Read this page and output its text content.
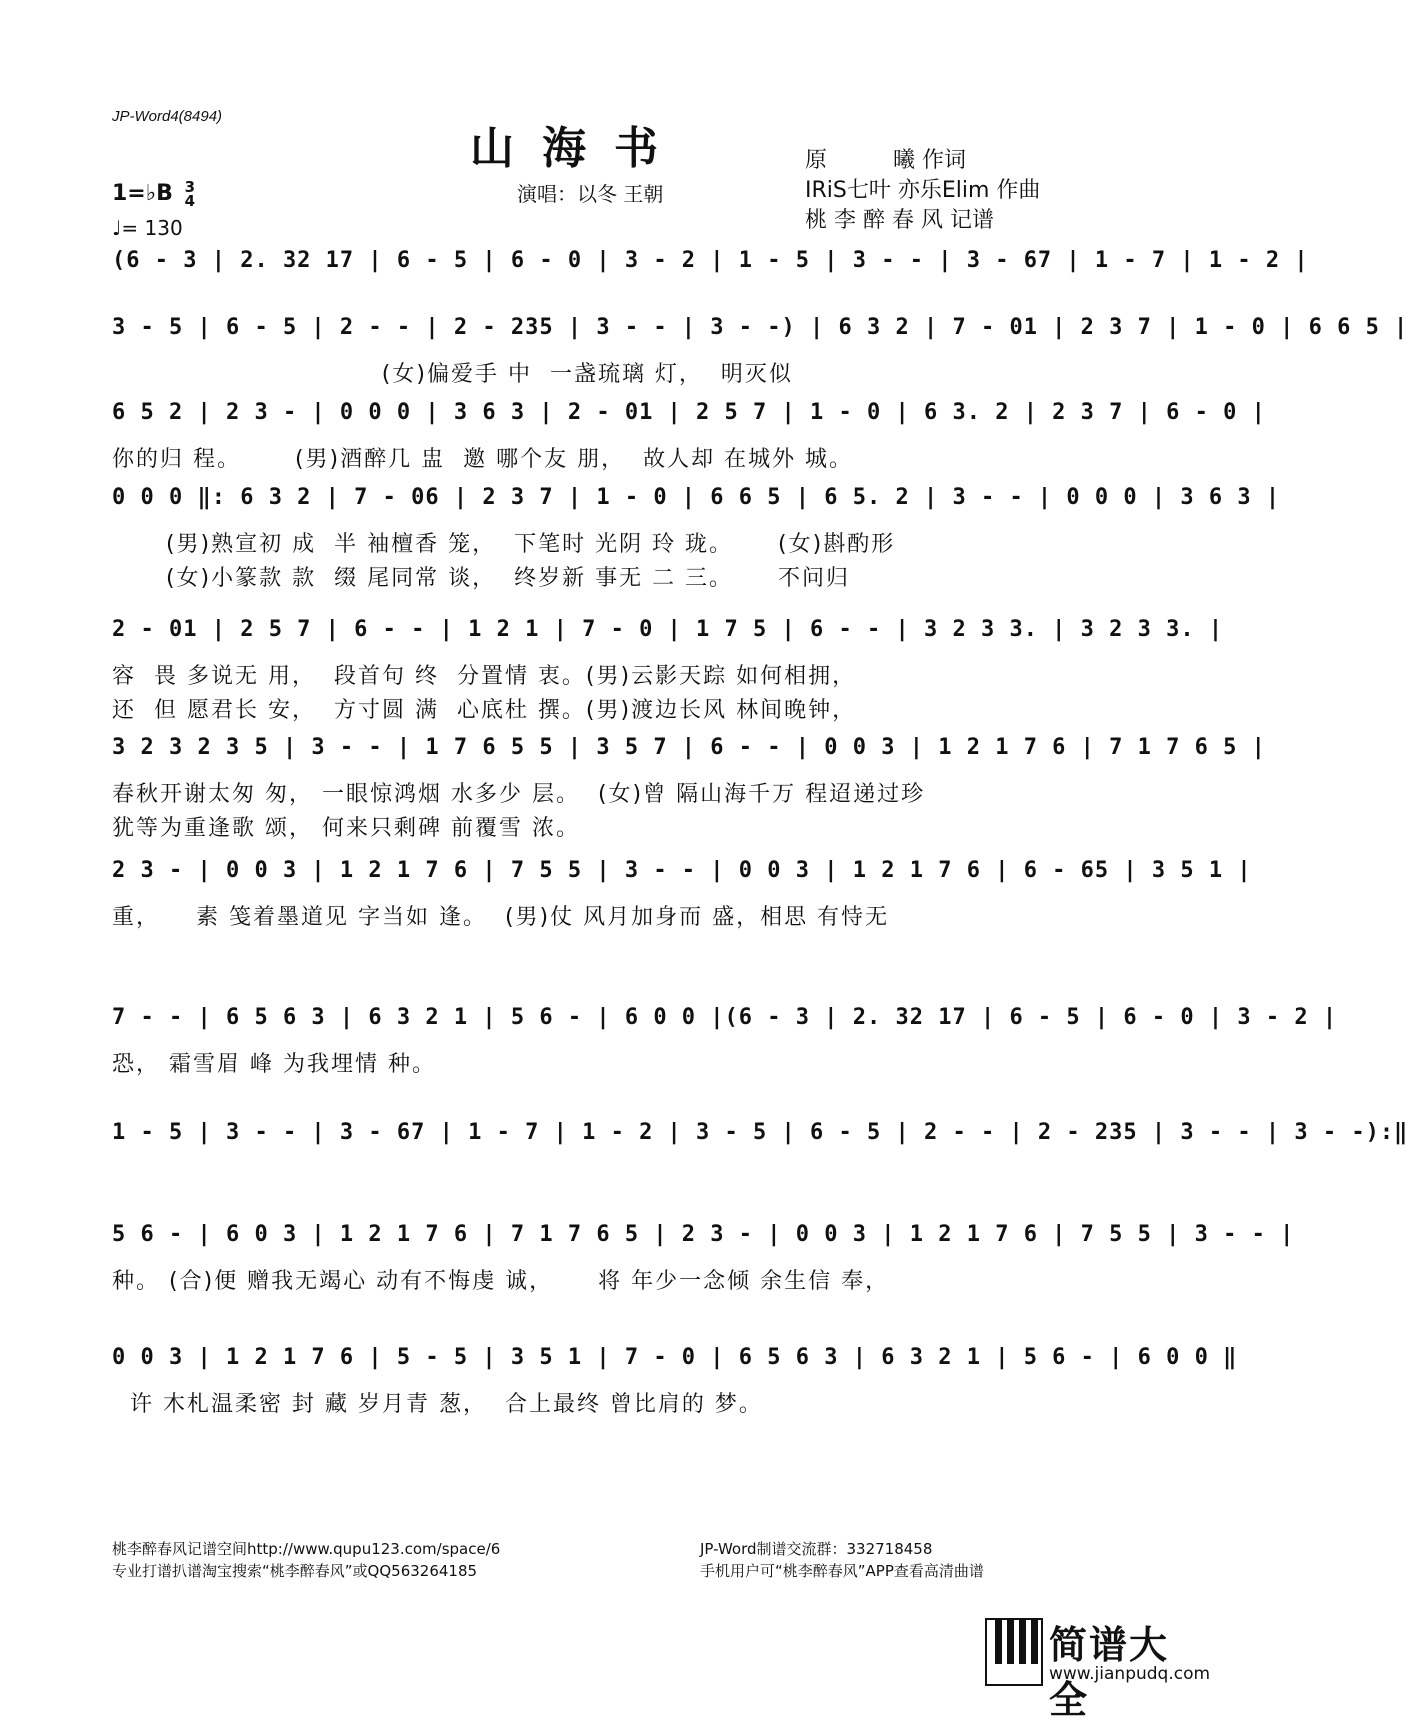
JP-Word4(8494)
山海书
演唱：以冬 王朝
原　　　曦 作词
IRiS七叶 亦乐Elim 作曲
桃 李 醉 春 风 记谱
1=♭B 3
4
♩= 130
(6 - 3 | 2. 32 17 | 6 - 5 | 6 - 0 | 3 - 2 | 1 - 5 | 3 - - | 3 - 67 | 1 - 7 | 1 - 2 |
3 - 5 | 6 - 5 | 2 - - | 2 - 235 | 3 - - | 3 - -) | 6 3 2 | 7 - 01 | 2 3 7 | 1 - 0 | 6 6 5 |
(女)偏爱手 中  一盏琉璃 灯，  明灭似
6 5 2 | 2 3 - | 0 0 0 | 3 6 3 | 2 - 01 | 2 5 7 | 1 - 0 | 6 3. 2 | 2 3 7 | 6 - 0 |
你的归 程。      (男)酒醉几 盅  邀 哪个友 朋，  故人却 在城外 城。
0 0 0 ‖: 6 3 2 | 7 - 06 | 2 3 7 | 1 - 0 | 6 6 5 | 6 5. 2 | 3 - - | 0 0 0 | 3 6 3 |
(男)熟宣初 成  半 袖檀香 笼，  下笔时 光阴 玲 珑。     (女)斟酌形
(女)小篆款 款  缀 尾同常 谈，  终岁新 事无 二 三。     不问归
2 - 01 | 2 5 7 | 6 - - | 1 2 1 | 7 - 0 | 1 7 5 | 6 - - | 3 2 3 3. | 3 2 3 3. |
容  畏 多说无 用，  段首句 终  分置情 衷。(男)云影天踪 如何相拥，
还  但 愿君长 安，  方寸圆 满  心底杜 撰。(男)渡边长风 林间晚钟，
3 2 3 2 3 5 | 3 - - | 1 7 6 5 5 | 3 5 7 | 6 - - | 0 0 3 | 1 2 1 7 6 | 7 1 7 6 5 |
春秋开谢太匆 匆， 一眼惊鸿烟 水多少 层。  (女)曾 隔山海千万 程迢递过珍
犹等为重逢歌 颂， 何来只剩碑 前覆雪 浓。
2 3 - | 0 0 3 | 1 2 1 7 6 | 7 5 5 | 3 - - | 0 0 3 | 1 2 1 7 6 | 6 - 65 | 3 5 1 |
重，    素 笺着墨道见 字当如 逢。  (男)仗 风月加身而 盛，相思 有恃无
7 - - | 6 5 6 3 | 6 3 2 1 | 5 6 - | 6 0 0 |(6 - 3 | 2. 32 17 | 6 - 5 | 6 - 0 | 3 - 2 |
恐， 霜雪眉 峰 为我埋情 种。
1 - 5 | 3 - - | 3 - 67 | 1 - 7 | 1 - 2 | 3 - 5 | 6 - 5 | 2 - - | 2 - 235 | 3 - - | 3 - -):‖
5 6 - | 6 0 3 | 1 2 1 7 6 | 7 1 7 6 5 | 2 3 - | 0 0 3 | 1 2 1 7 6 | 7 5 5 | 3 - - |
种。 (合)便 赠我无竭心 动有不悔虔 诚，     将 年少一念倾 余生信 奉，
0 0 3 | 1 2 1 7 6 | 5 - 5 | 3 5 1 | 7 - 0 | 6 5 6 3 | 6 3 2 1 | 5 6 - | 6 0 0 ‖
许 木札温柔密 封 藏 岁月青 葱，  合上最终 曾比肩的 梦。
桃李醉春风记谱空间http://www.qupu123.com/space/6
专业打谱扒谱淘宝搜索“桃李醉春风”或QQ563264185
JP-Word制谱交流群：332718458
手机用户可“桃李醉春风”APP查看高清曲谱
简谱大全
www.jianpudq.com
